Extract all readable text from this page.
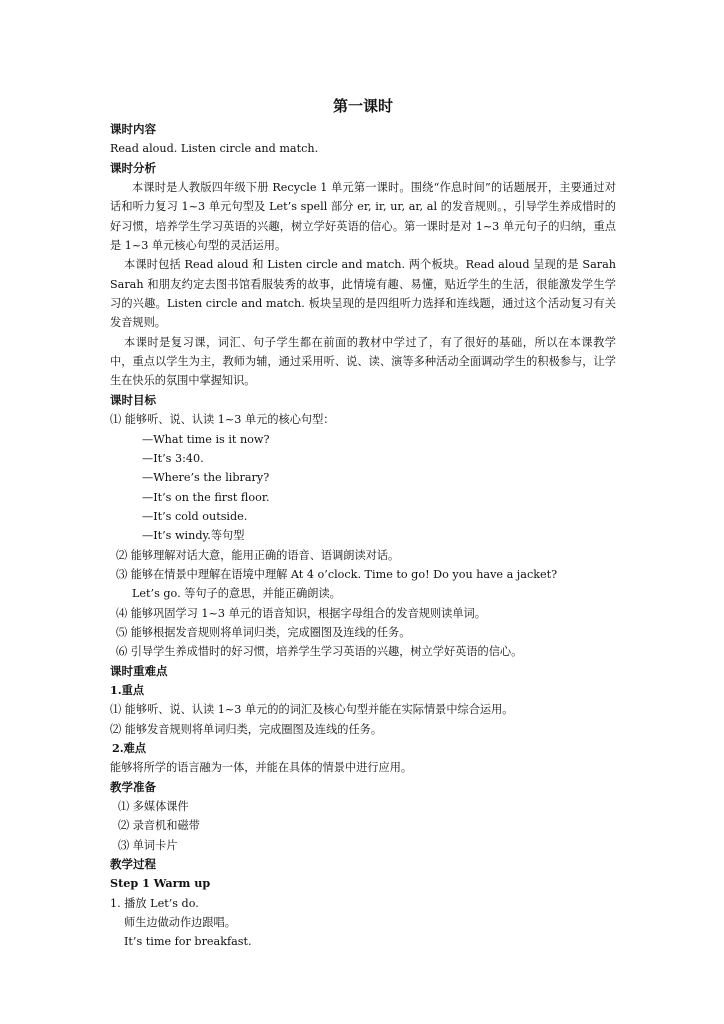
第一课时
课时内容
Read aloud. Listen circle and match.
课时分析
本课时是人教版四年级下册 Recycle 1 单元第一课时。围绕“作息时间”的话题展开，主要通过对话和听力复习 1~3 单元句型及 Let’s spell 部分 er, ir, ur, ar, al 的发音规则。，引导学生养成惜时的好习惯，培养学生学习英语的兴趣，树立学好英语的信心。第一课时是对 1~3 单元句子的归纳，重点是 1~3 单元核心句型的灵活运用。
本课时包括 Read aloud 和 Listen circle and match. 两个板块。Read aloud 呈现的是 Sarah Sarah 和朋友约定去图书馆看服装秀的故事，此情境有趣、易懂，贴近学生的生活，很能激发学生学习的兴趣。Listen circle and match. 板块呈现的是四组听力选择和连线题，通过这个活动复习有关发音规则。
本课时是复习课，词汇、句子学生都在前面的教材中学过了，有了很好的基础，所以在本课教学中，重点以学生为主，教师为辅，通过采用听、说、读、演等多种活动全面调动学生的积极参与，让学生在快乐的氛围中掌握知识。
课时目标
⑴ 能够听、说、认读 1~3 单元的核心句型：
—What time is it now?
—It’s 3:40.
—Where’s the library?
—It’s on the first floor.
—It’s cold outside.
—It’s windy.等句型
⑵ 能够理解对话大意，能用正确的语音、语调朗读对话。
⑶ 能够在情景中理解在语境中理解 At 4 o’clock. Time to go! Do you have a jacket?
Let’s go. 等句子的意思，并能正确朗读。
⑷ 能够巩固学习 1~3 单元的语音知识，根据字母组合的发音规则读单词。
⑸ 能够根据发音规则将单词归类，完成圈图及连线的任务。
⑹ 引导学生养成惜时的好习惯，培养学生学习英语的兴趣，树立学好英语的信心。
课时重难点
1.重点
⑴ 能够听、说、认读 1~3 单元的的词汇及核心句型并能在实际情景中综合运用。
⑵ 能够发音规则将单词归类，完成圈图及连线的任务。
2.难点
能够将所学的语言融为一体，并能在具体的情景中进行应用。
教学准备
⑴ 多媒体课件
⑵ 录音机和磁带
⑶ 单词卡片
教学过程
Step 1 Warm up
1. 播放 Let’s do.
师生边做动作边跟唱。
It’s time for breakfast.
